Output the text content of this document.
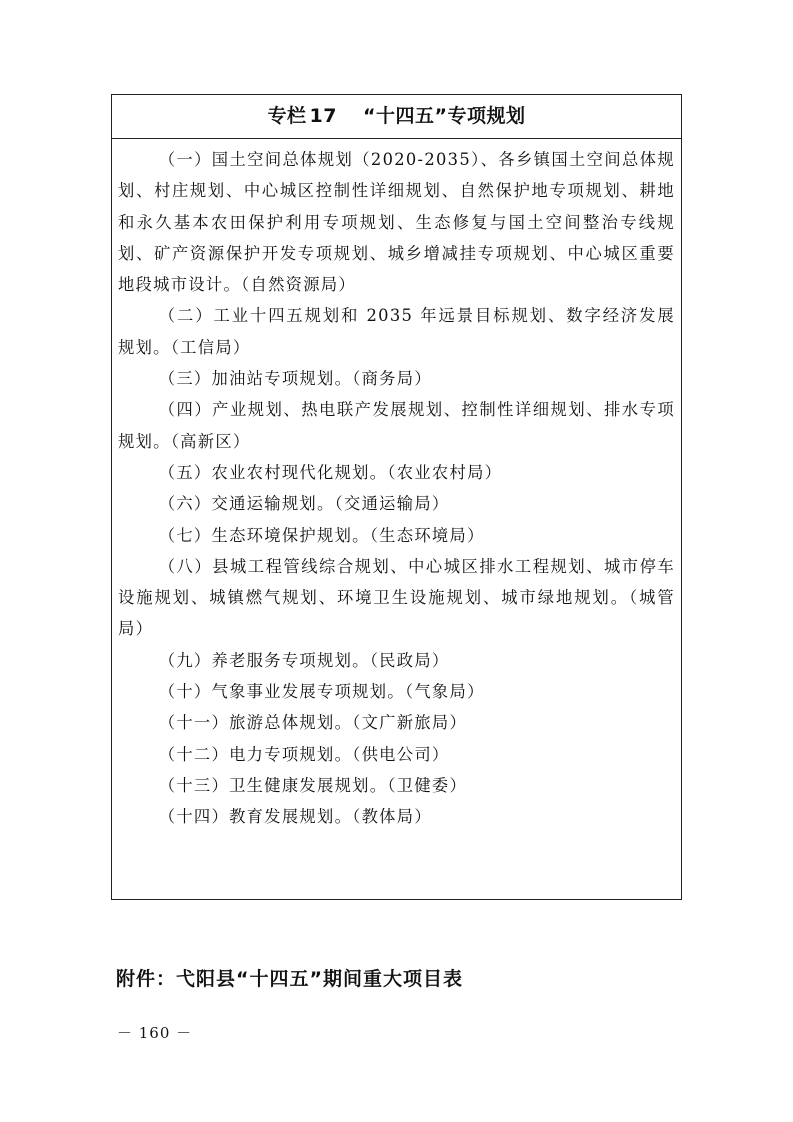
专栏 17 “十四五”专项规划

（一）国土空间总体规划（2020-2035）、各乡镇国土空间总体规划、村庄规划、中心城区控制性详细规划、自然保护地专项规划、耕地和永久基本农田保护利用专项规划、生态修复与国土空间整治专线规划、矿产资源保护开发专项规划、城乡增减挂专项规划、中心城区重要地段城市设计。（自然资源局）

（二）工业十四五规划和 2035 年远景目标规划、数字经济发展规划。（工信局）

（三）加油站专项规划。（商务局）

（四）产业规划、热电联产发展规划、控制性详细规划、排水专项规划。（高新区）

（五）农业农村现代化规划。（农业农村局）

（六）交通运输规划。（交通运输局）

（七）生态环境保护规划。（生态环境局）

（八）县城工程管线综合规划、中心城区排水工程规划、城市停车设施规划、城镇燃气规划、环境卫生设施规划、城市绿地规划。（城管局）

（九）养老服务专项规划。（民政局）

（十）气象事业发展专项规划。（气象局）

（十一）旅游总体规划。（文广新旅局）

（十二）电力专项规划。（供电公司）

（十三）卫生健康发展规划。（卫健委）

（十四）教育发展规划。（教体局）

附件：弋阳县“十四五”期间重大项目表
－ 160 －
